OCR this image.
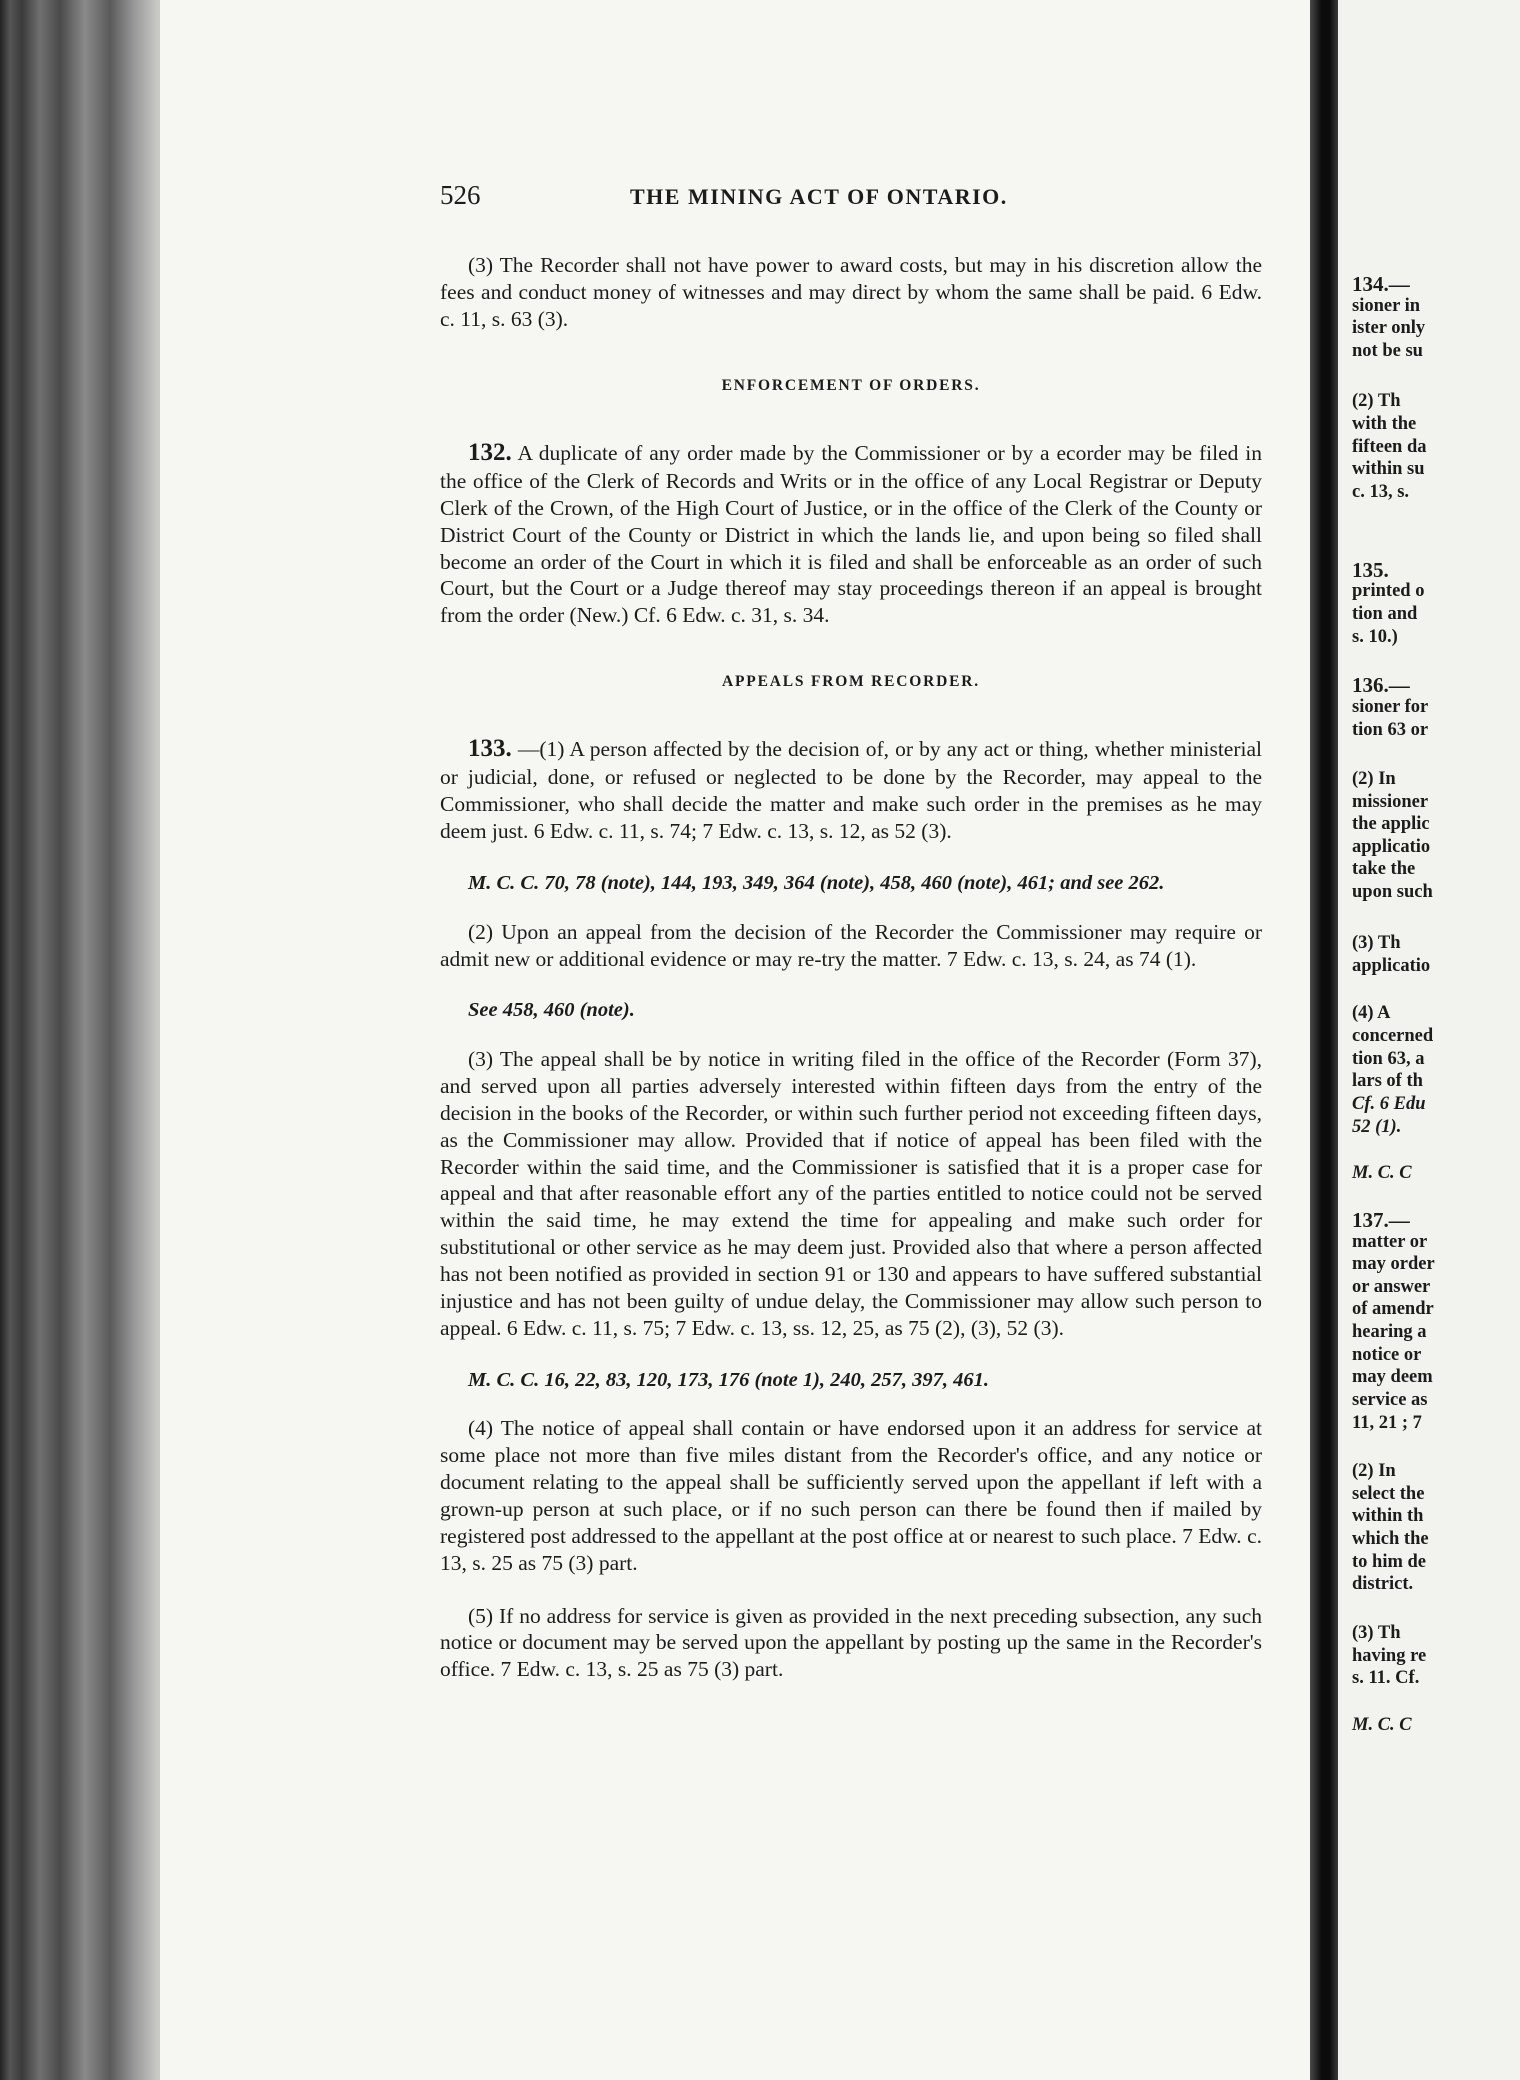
526	THE MINING ACT OF ONTARIO.

(3) The Recorder shall not have power to award costs, but may in his discretion allow the fees and conduct money of witnesses and may direct by whom the same shall be paid. 6 Edw. c. 11, s. 63 (3).

ENFORCEMENT OF ORDERS.

132. A duplicate of any order made by the Commissioner or by a ecorder may be filed in the office of the Clerk of Records and Writs or in the office of any Local Registrar or Deputy Clerk of the Crown, of the High Court of Justice, or in the office of the Clerk of the County or District Court of the County or District in which the lands lie, and upon being so filed shall become an order of the Court in which it is filed and shall be enforceable as an order of such Court, but the Court or a Judge thereof may stay proceedings thereon if an appeal is brought from the order (New.) Cf. 6 Edw. c. 31, s. 34.

APPEALS FROM RECORDER.

133. —(1) A person affected by the decision of, or by any act or thing, whether ministerial or judicial, done, or refused or neglected to be done by the Recorder, may appeal to the Commissioner, who shall decide the matter and make such order in the premises as he may deem just. 6 Edw. c. 11, s. 74; 7 Edw. c. 13, s. 12, as 52 (3).

M. C. C. 70, 78 (note), 144, 193, 349, 364 (note), 458, 460 (note), 461; and see 262.

(2) Upon an appeal from the decision of the Recorder the Commissioner may require or admit new or additional evidence or may re-try the matter. 7 Edw. c. 13, s. 24, as 74 (1).

See 458, 460 (note).

(3) The appeal shall be by notice in writing filed in the office of the Recorder (Form 37), and served upon all parties adversely interested within fifteen days from the entry of the decision in the books of the Recorder, or within such further period not exceeding fifteen days, as the Commissioner may allow. Provided that if notice of appeal has been filed with the Recorder within the said time, and the Commissioner is satisfied that it is a proper case for appeal and that after reasonable effort any of the parties entitled to notice could not be served within the said time, he may extend the time for appealing and make such order for substitutional or other service as he may deem just. Provided also that where a person affected has not been notified as provided in section 91 or 130 and appears to have suffered substantial injustice and has not been guilty of undue delay, the Commissioner may allow such person to appeal. 6 Edw. c. 11, s. 75; 7 Edw. c. 13, ss. 12, 25, as 75 (2), (3), 52 (3).

M. C. C. 16, 22, 83, 120, 173, 176 (note 1), 240, 257, 397, 461.

(4) The notice of appeal shall contain or have endorsed upon it an address for service at some place not more than five miles distant from the Recorder's office, and any notice or document relating to the appeal shall be sufficiently served upon the appellant if left with a grown-up person at such place, or if no such person can there be found then if mailed by registered post addressed to the appellant at the post office at or nearest to such place. 7 Edw. c. 13, s. 25 as 75 (3) part.

(5) If no address for service is given as provided in the next preceding subsection, any such notice or document may be served upon the appellant by posting up the same in the Recorder's office. 7 Edw. c. 13, s. 25 as 75 (3) part.

134.—
sioner in
ister only
not be su
(2) Th
with the
fifteen da
within su
c. 13, s.
135.
printed o
tion and
s. 10.)
136.—
sioner for
tion 63 or
(2) In
missioner
the applic
applicatio
take the
upon such
(3) Th
applicatio
(4) A
concerned
tion 63, a
lars of th
Cf. 6 Edu
52 (1).
M. C. C
137.—
matter or
may order
or answer
of amendr
hearing a
notice or
may deem
service as
11, 21 ; 7
(2) In
select the
within th
which the
to him de
district.
(3) Th
having re
s. 11. Cf.
M. C. C
